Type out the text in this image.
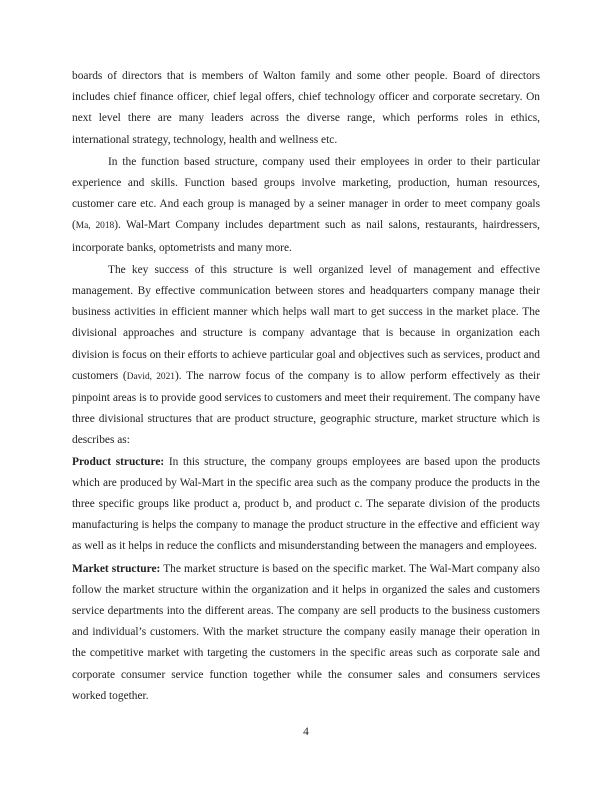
boards of directors that is members of Walton family and some other people. Board of directors includes chief finance officer, chief legal offers, chief technology officer and corporate secretary. On next level there are many leaders across the diverse range, which performs roles in ethics, international strategy, technology, health and wellness etc.

In the function based structure, company used their employees in order to their particular experience and skills. Function based groups involve marketing, production, human resources, customer care etc. And each group is managed by a seiner manager in order to meet company goals (Ma, 2018). Wal-Mart Company includes department such as nail salons, restaurants, hairdressers, incorporate banks, optometrists and many more.

The key success of this structure is well organized level of management and effective management. By effective communication between stores and headquarters company manage their business activities in efficient manner which helps wall mart to get success in the market place. The divisional approaches and structure is company advantage that is because in organization each division is focus on their efforts to achieve particular goal and objectives such as services, product and customers (David, 2021). The narrow focus of the company is to allow perform effectively as their pinpoint areas is to provide good services to customers and meet their requirement. The company have three divisional structures that are product structure, geographic structure, market structure which is describes as:

Product structure: In this structure, the company groups employees are based upon the products which are produced by Wal-Mart in the specific area such as the company produce the products in the three specific groups like product a, product b, and product c. The separate division of the products manufacturing is helps the company to manage the product structure in the effective and efficient way as well as it helps in reduce the conflicts and misunderstanding between the managers and employees.

Market structure: The market structure is based on the specific market. The Wal-Mart company also follow the market structure within the organization and it helps in organized the sales and customers service departments into the different areas. The company are sell products to the business customers and individual’s customers. With the market structure the company easily manage their operation in the competitive market with targeting the customers in the specific areas such as corporate sale and corporate consumer service function together while the consumer sales and consumers services worked together.

4
